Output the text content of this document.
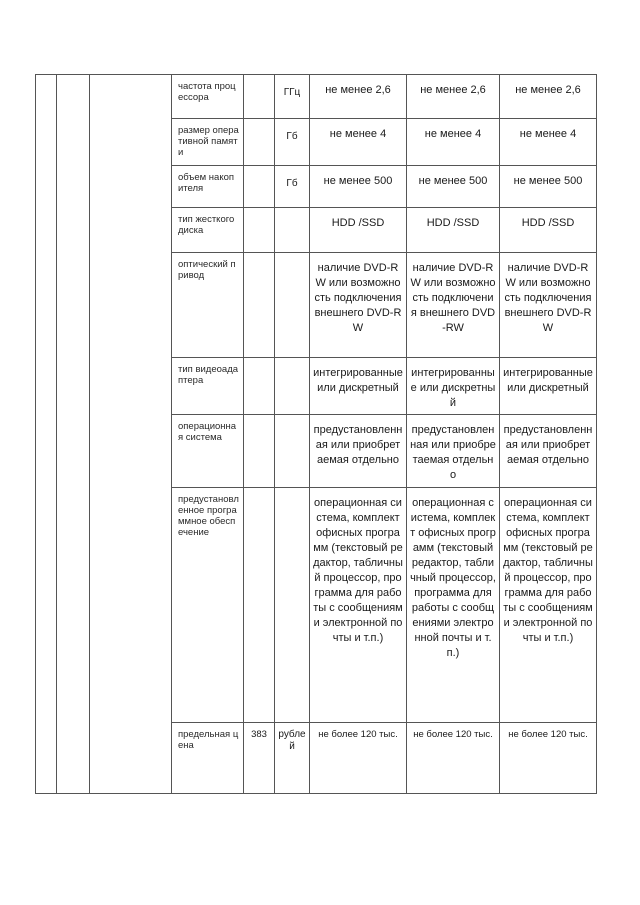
			частота процессора		ГГц	не менее 2,6	не менее 2,6	не менее 2,6
			размер оперативной памяти		Гб	не менее 4	не менее 4	не менее 4
			объем накопителя		Гб	не менее 500	не менее 500	не менее 500
			тип жесткого диска			HDD /SSD	HDD /SSD	HDD /SSD
			оптический привод			наличие DVD-RW или возможность подключения внешнего DVD-RW	наличие DVD-RW или возможность подключения внешнего DVD-RW	наличие DVD-RW или возможность подключения внешнего DVD-RW
			тип видеоадаптера			интегрированные или дискретный	интегрированные или дискретный	интегрированные или дискретный
			операционная система			предустановленная или приобретаемая отдельно	предустановленная или приобретаемая отдельно	предустановленная или приобретаемая отдельно
			предустановленное программное обеспечение			операционная система, комплект офисных программ (текстовый редактор, табличный процессор, программа для работы с сообщениями электронной почты и т.п.)	операционная система, комплект офисных программ (текстовый редактор, табличный процессор, программа для работы с сообщениями электронной почты и т.п.)	операционная система, комплект офисных программ (текстовый редактор, табличный процессор, программа для работы с сообщениями электронной почты и т.п.)
			предельная цена	383	рублей	не более 120 тыс.	не более 120 тыс.	не более 120 тыс.
